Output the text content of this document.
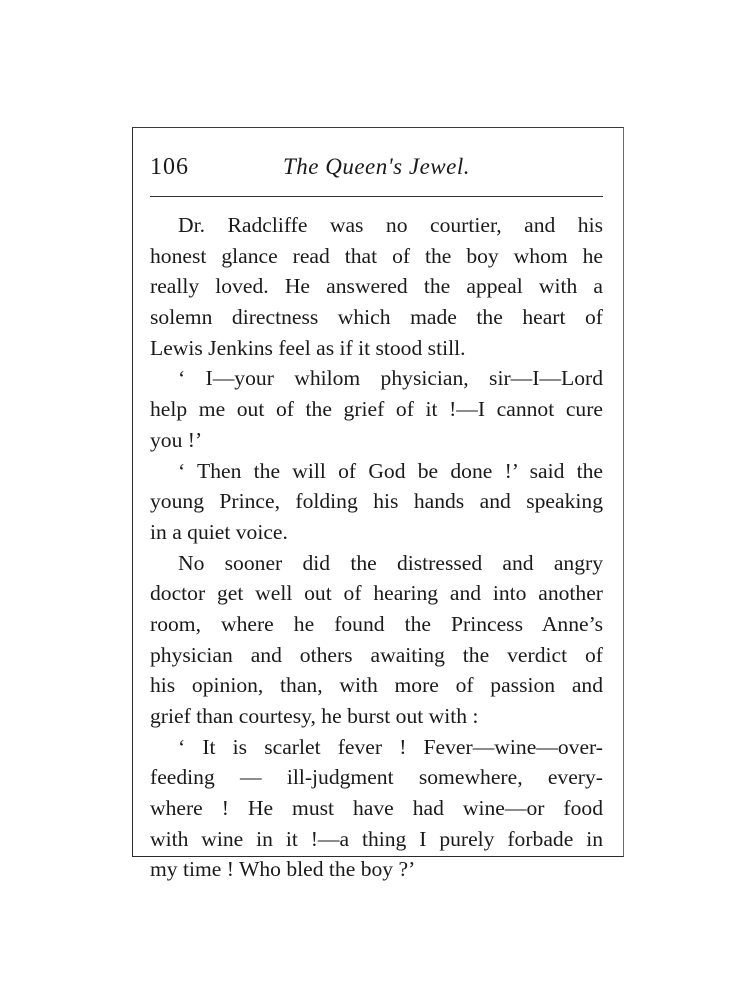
106	The Queen's Jewel.
Dr. Radcliffe was no courtier, and his
honest glance read that of the boy whom he
really loved. He answered the appeal with a
solemn directness which made the heart of
Lewis Jenkins feel as if it stood still.
‘ I—your whilom physician, sir—I—Lord
help me out of the grief of it !—I cannot cure
you !’
‘ Then the will of God be done !’ said the
young Prince, folding his hands and speaking
in a quiet voice.
No sooner did the distressed and angry
doctor get well out of hearing and into another
room, where he found the Princess Anne’s
physician and others awaiting the verdict of
his opinion, than, with more of passion and
grief than courtesy, he burst out with :
‘ It is scarlet fever ! Fever—wine—over-
feeding — ill-judgment somewhere, every-
where ! He must have had wine—or food
with wine in it !—a thing I purely forbade in
my time ! Who bled the boy ?’
